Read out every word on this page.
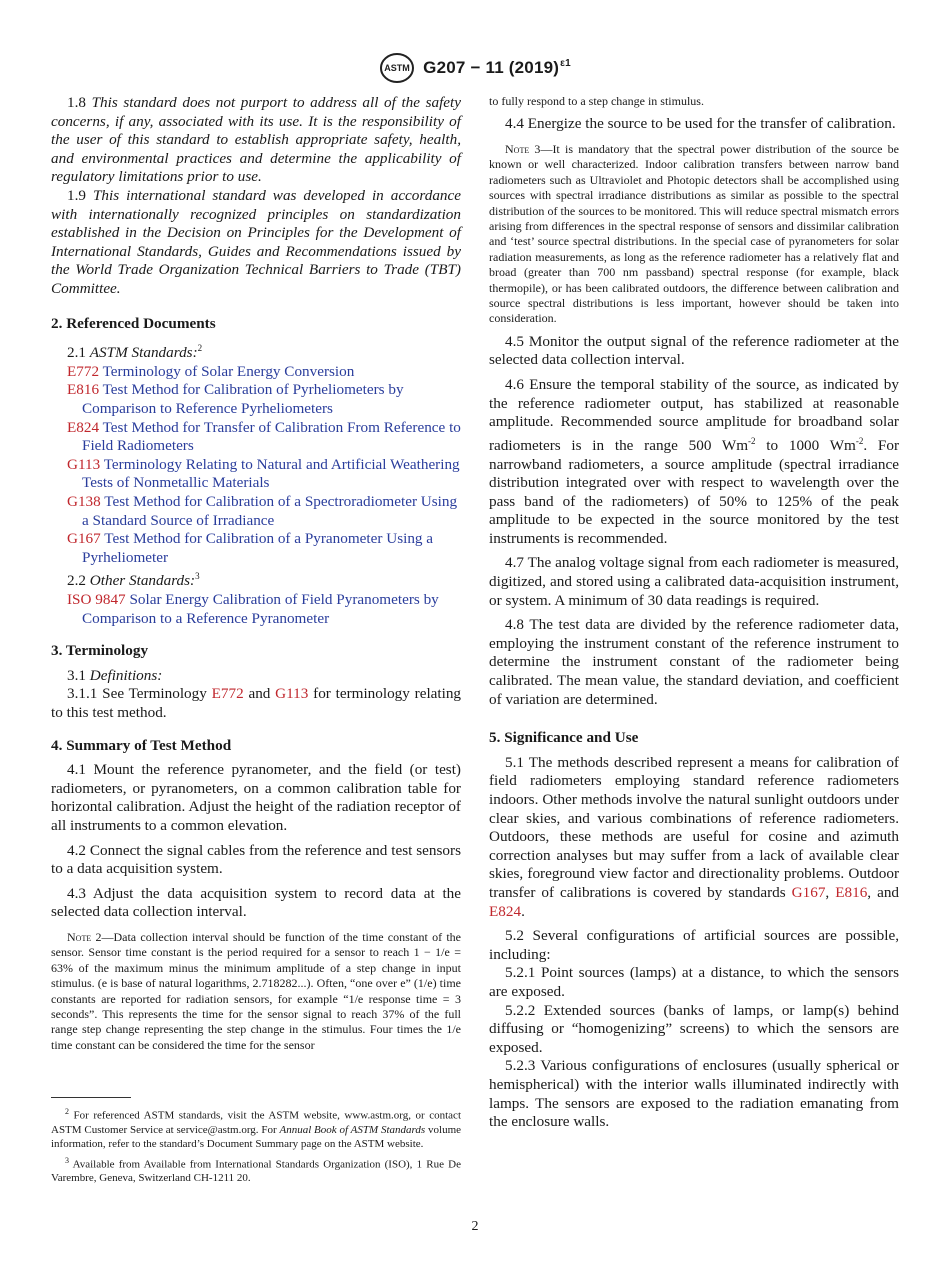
ASTM G207 − 11 $(2019)^{\varepsilon 1}$

1.8 This standard does not purport to address all of the safety concerns, if any, associated with its use. It is the responsibility of the user of this standard to establish appropriate safety, health, and environmental practices and determine the applicability of regulatory limitations prior to use.

1.9 This international standard was developed in accordance with internationally recognized principles on standardization established in the Decision on Principles for the Development of International Standards, Guides and Recommendations issued by the World Trade Organization Technical Barriers to Trade (TBT) Committee.

2. Referenced Documents

2.1 ASTM Standards:$^2$

E772 Terminology of Solar Energy Conversion

E816 Test Method for Calibration of Pyrheliometers by Comparison to Reference Pyrheliometers

E824 Test Method for Transfer of Calibration From Reference to Field Radiometers

G113 Terminology Relating to Natural and Artificial Weathering Tests of Nonmetallic Materials

G138 Test Method for Calibration of a Spectroradiometer Using a Standard Source of Irradiance

G167 Test Method for Calibration of a Pyranometer Using a Pyrheliometer

2.2 Other Standards:$^3$

ISO 9847 Solar Energy Calibration of Field Pyranometers by Comparison to a Reference Pyranometer

3. Terminology

3.1 Definitions:

3.1.1 See Terminology E772 and G113 for terminology relating to this test method.

4. Summary of Test Method

4.1 Mount the reference pyranometer, and the field (or test) radiometers, or pyranometers, on a common calibration table for horizontal calibration. Adjust the height of the radiation receptor of all instruments to a common elevation.

4.2 Connect the signal cables from the reference and test sensors to a data acquisition system.

4.3 Adjust the data acquisition system to record data at the selected data collection interval.

Note 2—Data collection interval should be function of the time constant of the sensor. Sensor time constant is the period required for a sensor to reach 1 − 1/e = 63% of the maximum minus the minimum amplitude of a step change in input stimulus. (e is base of natural logarithms, 2.718282...). Often, “one over e” (1/e) time constants are reported for radiation sensors, for example “1/e response time = 3 seconds”. This represents the time for the sensor signal to reach 37% of the full range step change representing the step change in the stimulus. Four times the 1/e time constant can be considered the time for the sensor

to fully respond to a step change in stimulus.

4.4 Energize the source to be used for the transfer of calibration.

Note 3—It is mandatory that the spectral power distribution of the source be known or well characterized. Indoor calibration transfers between narrow band radiometers such as Ultraviolet and Photopic detectors shall be accomplished using sources with spectral irradiance distributions as similar as possible to the spectral distribution of the sources to be monitored. This will reduce spectral mismatch errors arising from differences in the spectral response of sensors and dissimilar calibration and ‘test’ source spectral distributions. In the special case of pyranometers for solar radiation measurements, as long as the reference radiometer has a relatively flat and broad (greater than 700 nm passband) spectral response (for example, black thermopile), or has been calibrated outdoors, the difference between calibration and source spectral distributions is less important, however should be taken into consideration.

4.5 Monitor the output signal of the reference radiometer at the selected data collection interval.

4.6 Ensure the temporal stability of the source, as indicated by the reference radiometer output, has stabilized at reasonable amplitude. Recommended source amplitude for broadband solar radiometers is in the range 500 $Wm^{-2}$ to 1000 $Wm^{-2}$. For narrowband radiometers, a source amplitude (spectral irradiance distribution integrated over with respect to wavelength over the pass band of the radiometers) of 50% to 125% of the peak amplitude to be expected in the source monitored by the test instruments is recommended.

4.7 The analog voltage signal from each radiometer is measured, digitized, and stored using a calibrated data-acquisition instrument, or system. A minimum of 30 data readings is required.

4.8 The test data are divided by the reference radiometer data, employing the instrument constant of the reference instrument to determine the instrument constant of the radiometer being calibrated. The mean value, the standard deviation, and coefficient of variation are determined.

5. Significance and Use

5.1 The methods described represent a means for calibration of field radiometers employing standard reference radiometers indoors. Other methods involve the natural sunlight outdoors under clear skies, and various combinations of reference radiometers. Outdoors, these methods are useful for cosine and azimuth correction analyses but may suffer from a lack of available clear skies, foreground view factor and directionality problems. Outdoor transfer of calibrations is covered by standards G167, E816, and E824.

5.2 Several configurations of artificial sources are possible, including:

5.2.1 Point sources (lamps) at a distance, to which the sensors are exposed.

5.2.2 Extended sources (banks of lamps, or lamp(s) behind diffusing or “homogenizing” screens) to which the sensors are exposed.

5.2.3 Various configurations of enclosures (usually spherical or hemispherical) with the interior walls illuminated indirectly with lamps. The sensors are exposed to the radiation emanating from the enclosure walls.

$^2$ For referenced ASTM standards, visit the ASTM website, www.astm.org, or contact ASTM Customer Service at service@astm.org. For Annual Book of ASTM Standards volume information, refer to the standard’s Document Summary page on the ASTM website.

$^3$ Available from Available from International Standards Organization (ISO), 1 Rue De Varembre, Geneva, Switzerland CH-1211 20.

2
